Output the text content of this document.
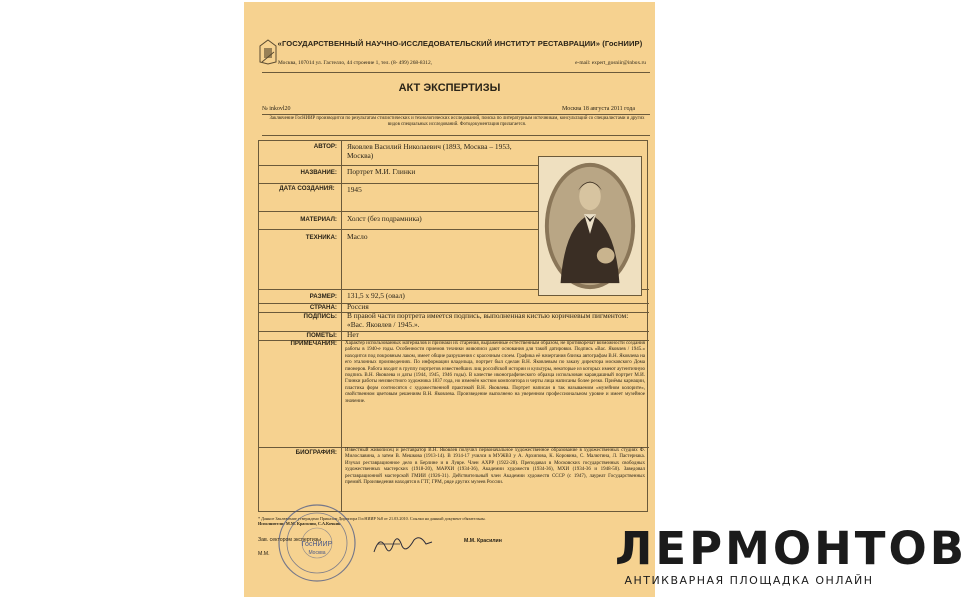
«ГОСУДАРСТВЕННЫЙ НАУЧНО-ИССЛЕДОВАТЕЛЬСКИЙ ИНСТИТУТ РЕСТАВРАЦИИ» (ГосНИИР)
Москва, 107014 ул. Гастелло, 44 строение 1, тел. (8- 499) 268-8312,	e-mail: expert_gosniir@inbox.ru
АКТ ЭКСПЕРТИЗЫ
№ inkovl20	Москва 18 августа 2011 года
Заключение ГосНИИР производится по результатам стилистических и технологических исследований, поиска по литературным источникам, консультаций со специалистами и других видов специальных исследований. Фотодокументация прилагается.
АВТОР: Яковлев Василий Николаевич (1893, Москва – 1953, Москва)
НАЗВАНИЕ: Портрет М.И. Глинки
ДАТА СОЗДАНИЯ:	1945
МАТЕРИАЛ: Холст (без подрамника)
ТЕХНИКА: Масло
РАЗМЕР: 131,5 х 92,5 (овал)
СТРАНА: Россия
ПОДПИСЬ: В правой части портрета имеется подпись, выполненная кистью коричневым пигментом: «Вас. Яковлев / 1945.».
ПОМЕТЫ: Нет
ПРИМЕЧАНИЯ: Характер использованных материалов и признаки их старения, выраженные естественным образом, не противоречат возможности создания работы в 1940-е годы. Особенности приемов техники живописи дают основания для такой датировки. Подпись «Вас. Яковлев / 1945.» находится под покровным лаком, имеет общие разрушения с красочным слоем. Графика её начертания близка автографам В.Н. Яковлева на его эталонных произведениях. По информации владельца, портрет был сделан В.Н. Яковлевым по заказу директора московского Дома пионеров. Работа входит в группу портретов известнейших лиц российской истории и культуры, некоторые из которых имеют аутентичную подпись В.Н. Яковлева и даты (1944, 1945, 1946 годы). В качестве иконографического образца использован карандашный портрет М.И. Глинки работы неизвестного художника 1837 года, но изменён костюм композитора и черты лица написаны более резко. Приёмы карнации, пластика форм соотносятся с художественной практикой В.Н. Яковлева. Портрет написан в так называемом «музейном колорите», свойственном цветовым решениям В.Н. Яковлева. Произведение выполнено на уверенном профессиональном уровне и имеет музейное значение.
БИОГРАФИЯ: Известный живописец и реставратор В.Н. Яковлев получил первоначальное художественное образование в художественных студиях Ф. Милославина, а затем В. Мешкова (1913-14). В 1914-17 учился в МУЖВЗ у А. Архипова, К. Коровина, С. Малютина, Л. Пастернака. Изучал реставрационное дело в Берлине и в Лувре. Член АХРР (1922-28). Преподавал в Московских государственных свободных художественных мастерских (1918-20), МАРХИ (1934-36), Академии художеств (1934-36), МХИ (1934-36 и 1948-50). Заведовал реставрационной мастерской ГМИИ (1926-31). Действительный член Академии художеств СССР (с 1947), лауреат Государственных премий. Произведения находятся в ГТГ, ГРМ, ряде других музеев России.
* Данное Заключение утверждено Приказом Директора ГосНИИР №8 от 21.03.2010. Ссылки на данный документ обязательны.
Исполнители: М.М. Красилин, С.А.Кочкин
ГосНИИР
Москва
Зав. сектором экспертизы
М.М.
М.М. Красилин	ЛЕРМОНТОВ
АНТИКВАРНАЯ ПЛОЩАДКА ОНЛАЙН
